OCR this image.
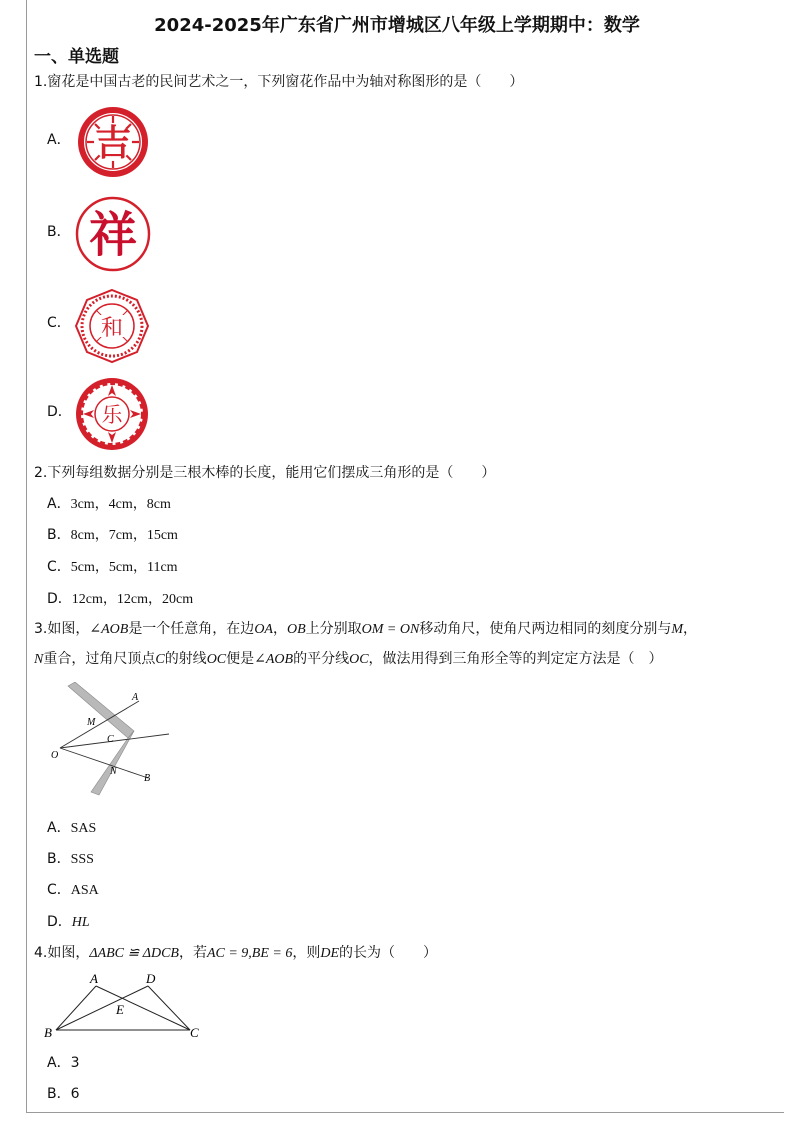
2024-2025年广东省广州市增城区八年级上学期期中：数学
一、单选题
1.窗花是中国古老的民间艺术之一，下列窗花作品中为轴对称图形的是（　　）
A． 吉
B． 祥
C． 和
D． 乐
2.下列每组数据分别是三根木棒的长度，能用它们摆成三角形的是（　　）
A．3cm，4cm，8cm
B．8cm，7cm，15cm
C．5cm，5cm，11cm
D．12cm，12cm，20cm
3.如图，∠AOB是一个任意角，在边OA，OB上分别取OM = ON移动角尺，使角尺两边相同的刻度分别与M，
N重合，过角尺顶点C的射线OC便是∠AOB的平分线OC，做法用得到三角形全等的判定定方法是（　）
A
M
C
O
N
B
A．SAS
B．SSS
C．ASA
D．HL
4.如图，ΔABC ≌ ΔDCB，若AC = 9,BE = 6，则DE的长为（　　）
A	D
E
B	C
A．3
B．6
